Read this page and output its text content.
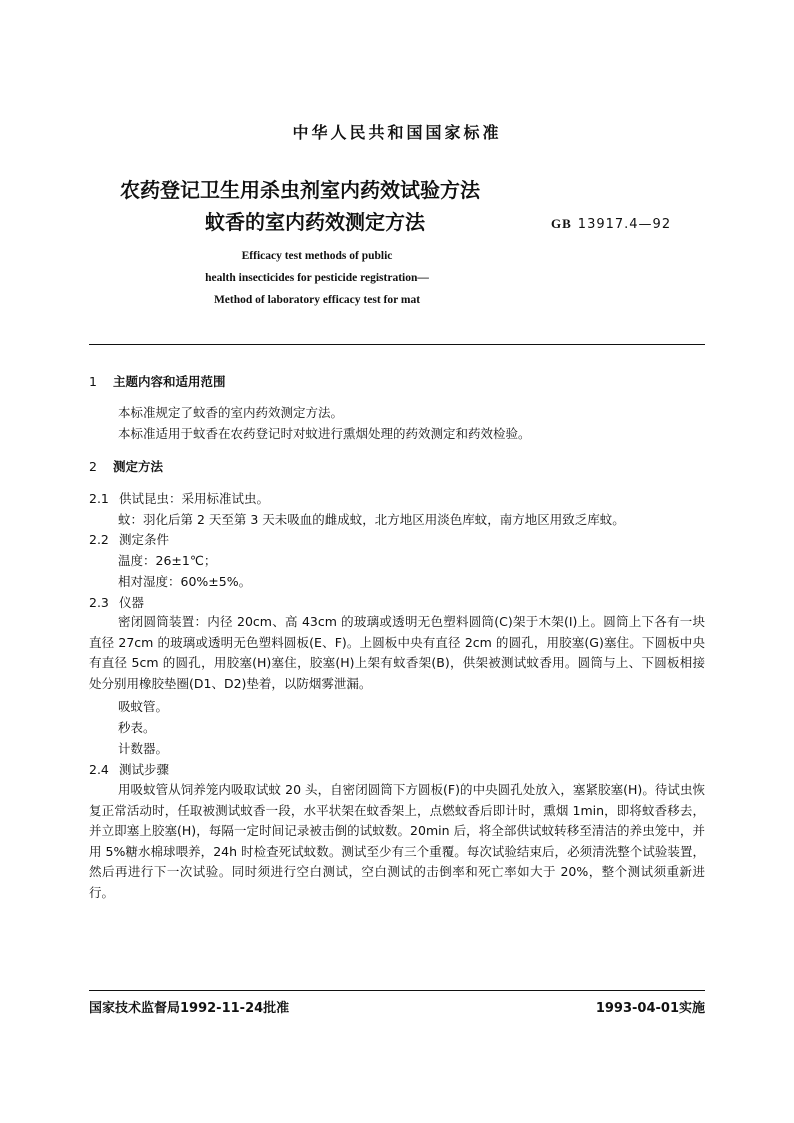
中华人民共和国国家标准
农药登记卫生用杀虫剂室内药效试验方法
蚊香的室内药效测定方法	GB 13917.4—92
Efficacy test methods of public
health insecticides for pesticide registration—
Method of laboratory efficacy test for mat
1 主题内容和适用范围
本标准规定了蚊香的室内药效测定方法。
本标准适用于蚊香在农药登记时对蚊进行熏烟处理的药效测定和药效检验。
2 测定方法
2.1 供试昆虫：采用标准试虫。
蚊：羽化后第 2 天至第 3 天未吸血的雌成蚊，北方地区用淡色库蚊，南方地区用致乏库蚊。
2.2 测定条件
温度：26±1℃；
相对湿度：60%±5%。
2.3 仪器
密闭圆筒装置：内径 20cm、高 43cm 的玻璃或透明无色塑料圆筒(C)架于木架(I)上。圆筒上下各有一块直径 27cm 的玻璃或透明无色塑料圆板(E、F)。上圆板中央有直径 2cm 的圆孔，用胶塞(G)塞住。下圆板中央有直径 5cm 的圆孔，用胶塞(H)塞住，胶塞(H)上架有蚊香架(B)，供架被测试蚊香用。圆筒与上、下圆板相接处分别用橡胶垫圈(D1、D2)垫着，以防烟雾泄漏。
吸蚊管。
秒表。
计数器。
2.4 测试步骤
用吸蚊管从饲养笼内吸取试蚊 20 头，自密闭圆筒下方圆板(F)的中央圆孔处放入，塞紧胶塞(H)。待试虫恢复正常活动时，任取被测试蚊香一段，水平状架在蚊香架上，点燃蚊香后即计时，熏烟 1min，即将蚊香移去，并立即塞上胶塞(H)，每隔一定时间记录被击倒的试蚊数。20min 后，将全部供试蚊转移至清洁的养虫笼中，并用 5%糖水棉球喂养，24h 时检查死试蚊数。测试至少有三个重覆。每次试验结束后，必须清洗整个试验装置，然后再进行下一次试验。同时须进行空白测试，空白测试的击倒率和死亡率如大于 20%，整个测试须重新进行。
国家技术监督局1992-11-24批准	1993-04-01实施
